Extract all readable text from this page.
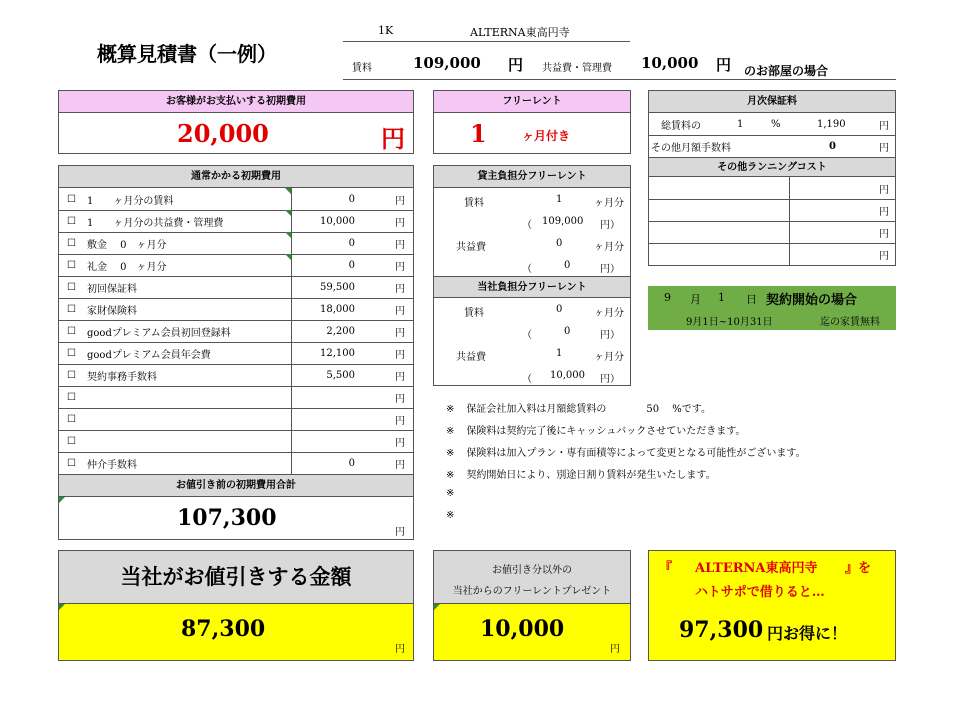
概算見積書（一例）
1K	ALTERNA東高円寺
賃料	109,000 円 共益費・管理費 10,000 円 のお部屋の場合
お客様がお支払いする初期費用
20,000	円
フリーレント
1	ヶ月付き
月次保証料
総賃料の	1	%	1,190	円
その他月額手数料	0	円
その他ランニングコスト
円
円
円
円
通常かかる初期費用
☐ 1　　ヶ月分の賃料	0	円
☐ 1　　ヶ月分の共益費・管理費	10,000	円
☐ 敷金　 0　ヶ月分	0	円
☐ 礼金　 0　ヶ月分	0	円
☐ 初回保証料	59,500	円
☐ 家財保険料	18,000	円
☐ goodプレミアム会員初回登録料	2,200	円
☐ goodプレミアム会員年会費	12,100	円
☐ 契約事務手数料	5,500	円
☐	円
☐	円
☐	円
☐ 仲介手数料	0	円
お値引き前の初期費用合計
107,300
円
貸主負担分フリーレント
賃料	1	ヶ月分
（ 109,000 円）
共益費	0	ヶ月分
（	0	円）
当社負担分フリーレント
賃料	0	ヶ月分
（	0	円）
共益費	1	ヶ月分
（ 10,000 円）
9 月 1 日 契約開始の場合
9月1日~10月31日	迄の家賃無料
※ 保証会社加入料は月額総賃料の　　　　50　 %です。
※ 保険料は契約完了後にキャッシュバックさせていただきます。
※ 保険料は加入プラン・専有面積等によって変更となる可能性がございます。
※ 契約開始日により、別途日割り賃料が発生いたします。
※
※
当社がお値引きする金額
87,300
円
お値引き分以外の
当社からのフリーレントプレゼント
10,000
円
『 ALTERNA東高円寺 』を
ハトサポで借りると…
97,300 円お得に！
